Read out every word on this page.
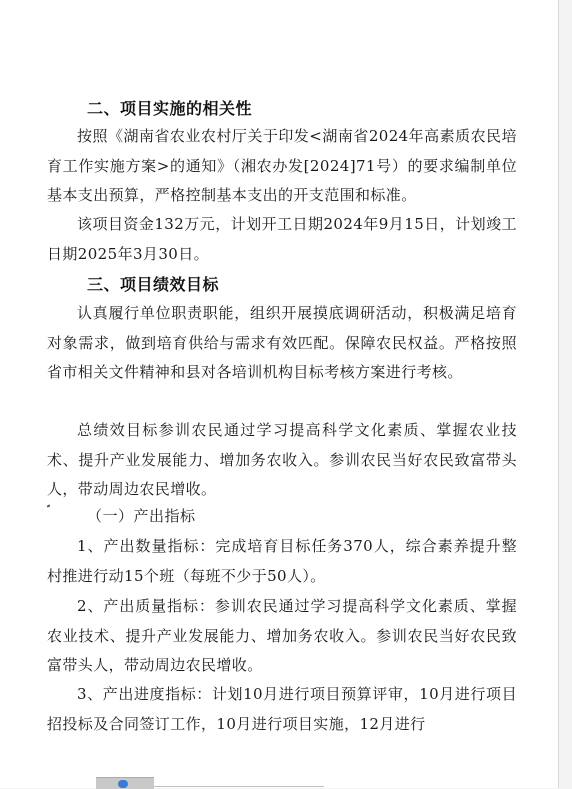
二、项目实施的相关性
按照《湖南省农业农村厅关于印发<湖南省2024年高素质农民培育工作实施方案>的通知》（湘农办发[2024]71号）的要求编制单位基本支出预算，严格控制基本支出的开支范围和标准。
该项目资金132万元，计划开工日期2024年9月15日，计划竣工日期2025年3月30日。
三、项目绩效目标
认真履行单位职责职能，组织开展摸底调研活动，积极满足培育对象需求，做到培育供给与需求有效匹配。保障农民权益。严格按照省市相关文件精神和县对各培训机构目标考核方案进行考核。
总绩效目标参训农民通过学习提高科学文化素质、掌握农业技术、提升产业发展能力、增加务农收入。参训农民当好农民致富带头人，带动周边农民增收。
（一）产出指标
1、产出数量指标：完成培育目标任务370人，综合素养提升整村推进行动15个班（每班不少于50人）。
2、产出质量指标：参训农民通过学习提高科学文化素质、掌握农业技术、提升产业发展能力、增加务农收入。参训农民当好农民致富带头人，带动周边农民增收。
3、产出进度指标：计划10月进行项目预算评审，10月进行项目招投标及合同签订工作，10月进行项目实施，12月进行
